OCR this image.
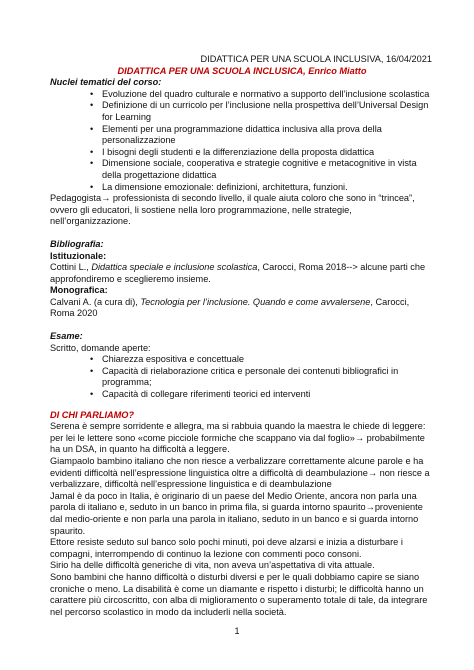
DIDATTICA PER UNA SCUOLA INCLUSIVA, 16/04/2021
DIDATTICA PER UNA SCUOLA INCLUSICA, Enrico Miatto
Nuclei tematici del corso:
• Evoluzione del quadro culturale e normativo a supporto dell’inclusione scolastica
• Definizione di un curricolo per l’inclusione nella prospettiva dell’Universal Design for Learning
• Elementi per una programmazione didattica inclusiva alla prova della personalizzazione
• I bisogni degli studenti e la differenziazione della proposta didattica
• Dimensione sociale, cooperativa e strategie cognitive e metacognitive in vista della progettazione didattica
• La dimensione emozionale: definizioni, architettura, funzioni.

Pedagogista→ professionista di secondo livello, il quale aiuta coloro che sono in “trincea”, ovvero gli educatori, li sostiene nella loro programmazione, nelle strategie, nell’organizzazione.

Bibliografia:
Istituzionale:

Cottini L., Didattica speciale e inclusione scolastica, Carocci, Roma 2018--> alcune parti che approfondiremo e sceglieremo insieme.

Monografica:

Calvani A. (a cura di), Tecnologia per l’inclusione. Quando e come avvalersene, Carocci, Roma 2020

Esame:
Scritto, domande aperte:
• Chiarezza espositiva e concettuale
• Capacità di rielaborazione critica e personale dei contenuti bibliografici in programma;
• Capacità di collegare riferimenti teorici ed interventi
DI CHI PARLIAMO?

Serena è sempre sorridente e allegra, ma si rabbuia quando la maestra le chiede di leggere: per lei le lettere sono «come picciole formiche che scappano via dal foglio»→ probabilmente ha un DSA, in quanto ha difficoltà a leggere.

Giampaolo bambino italiano che non riesce a verbalizzare correttamente alcune parole e ha evidenti difficoltà nell’espressione linguistica oltre a difficoltà di deambulazione→ non riesce a verbalizzare, difficoltà nell’espressione linguistica e di deambulazione

Jamal è da poco in Italia, è originario di un paese del Medio Oriente, ancora non parla una parola di italiano e, seduto in un banco in prima fila, si guarda intorno spaurito→proveniente dal medio-oriente e non parla una parola in italiano, seduto in un banco e si guarda intorno spaurito.

Ettore resiste seduto sul banco solo pochi minuti, poi deve alzarsi e inizia a disturbare i compagni, interrompendo di continuo la lezione con commenti poco consoni.

Sirio ha delle difficoltà generiche di vita, non aveva un’aspettativa di vita attuale.

Sono bambini che hanno difficoltà o disturbi diversi e per le quali dobbiamo capire se siano croniche o meno. La disabilità è come un diamante e rispetto i disturbi; le difficoltà hanno un carattere più circoscritto, con alba di miglioramento o superamento totale di tale, da integrare nel percorso scolastico in modo da includerli nella società.

1
